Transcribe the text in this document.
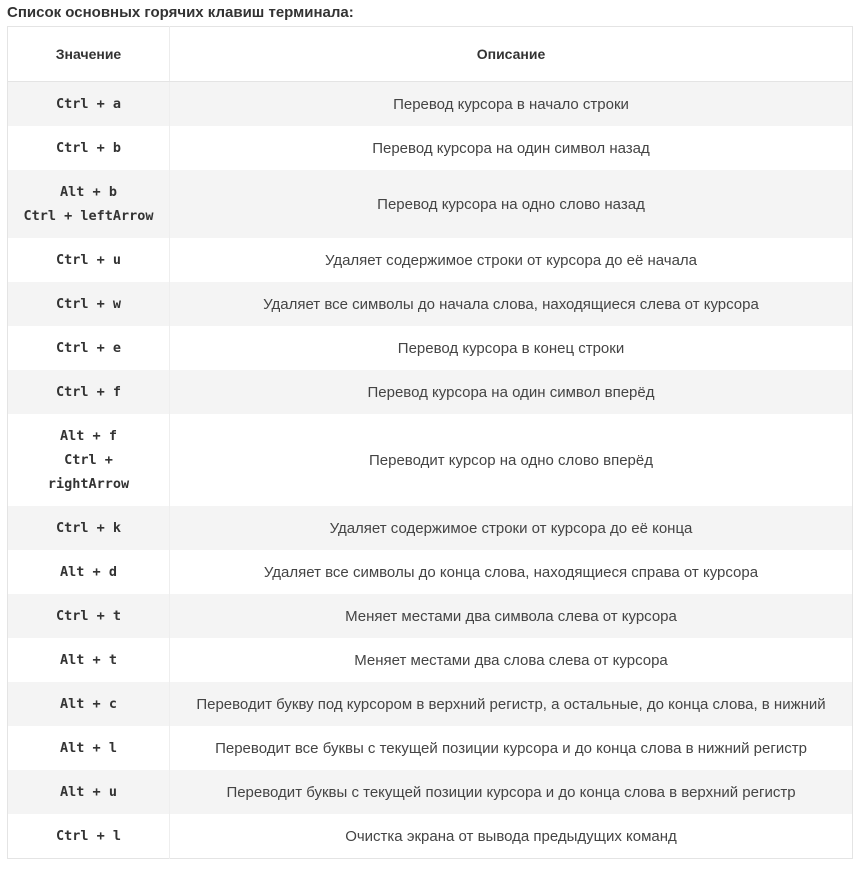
Список основных горячих клавиш терминала:
Значение	Описание
Ctrl + a	Перевод курсора в начало строки
Ctrl + b	Перевод курсора на один символ назад
Alt + b
Ctrl + leftArrow	Перевод курсора на одно слово назад
Ctrl + u	Удаляет содержимое строки от курсора до её начала
Ctrl + w	Удаляет все символы до начала слова, находящиеся слева от курсора
Ctrl + e	Перевод курсора в конец строки
Ctrl + f	Перевод курсора на один символ вперёд
Alt + f
Ctrl +
rightArrow	Переводит курсор на одно слово вперёд
Ctrl + k	Удаляет содержимое строки от курсора до её конца
Alt + d	Удаляет все символы до конца слова, находящиеся справа от курсора
Ctrl + t	Меняет местами два символа слева от курсора
Alt + t	Меняет местами два слова слева от курсора
Alt + c	Переводит букву под курсором в верхний регистр, а остальные, до конца слова, в нижний
Alt + l	Переводит все буквы с текущей позиции курсора и до конца слова в нижний регистр
Alt + u	Переводит буквы с текущей позиции курсора и до конца слова в верхний регистр
Ctrl + l	Очистка экрана от вывода предыдущих команд
